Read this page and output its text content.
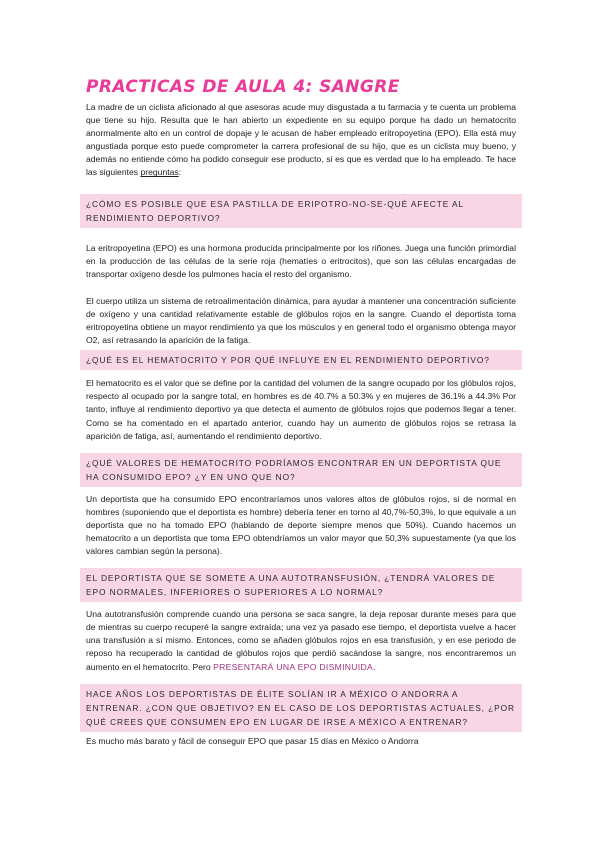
PRACTICAS DE AULA 4: SANGRE

La madre de un ciclista aficionado al que asesoras acude muy disgustada a tu farmacia y te cuenta un problema que tiene su hijo. Resulta que le han abierto un expediente en su equipo porque ha dado un hematocrito anormalmente alto en un control de dopaje y le acusan de haber empleado eritropoyetina (EPO). Ella está muy angustiada porque esto puede comprometer la carrera profesional de su hijo, que es un ciclista muy bueno, y además no entiende cómo ha podido conseguir ese producto, si es que es verdad que lo ha empleado. Te hace las siguientes preguntas:

¿CÓMO ES POSIBLE QUE ESA PASTILLA DE ERIPOTRO-NO-SE-QUÉ AFECTE AL RENDIMIENTO DEPORTIVO?

La eritropoyetina (EPO) es una hormona producida principalmente por los riñones. Juega una función primordial en la producción de las células de la serie roja (hematíes o eritrocitos), que son las células encargadas de transportar oxígeno desde los pulmones hacia el resto del organismo.

El cuerpo utiliza un sistema de retroalimentación dinámica, para ayudar a mantener una concentración suficiente de oxígeno y una cantidad relativamente estable de glóbulos rojos en la sangre. Cuando el deportista toma eritropoyetina obtiene un mayor rendimiento ya que los músculos y en general todo el organismo obtenga mayor O2, así retrasando la aparición de la fatiga.

¿QUÉ ES EL HEMATOCRITO Y POR QUÉ INFLUYE EN EL RENDIMIENTO DEPORTIVO?

El hematocrito es el valor que se define por la cantidad del volumen de la sangre ocupado por los glóbulos rojos, respecto al ocupado por la sangre total, en hombres es de 40.7% a 50.3% y en mujeres de 36.1% a 44.3% Por tanto, influye al rendimiento deportivo ya que detecta el aumento de glóbulos rojos que podemos llegar a tener. Como se ha comentado en el apartado anterior, cuando hay un aumento de glóbulos rojos se retrasa la aparición de fatiga, así, aumentando el rendimiento deportivo.

¿QUÉ VALORES DE HEMATOCRITO PODRÍAMOS ENCONTRAR EN UN DEPORTISTA QUE HA CONSUMIDO EPO? ¿Y EN UNO QUE NO?

Un deportista que ha consumido EPO encontraríamos unos valores altos de glóbulos rojos, si de normal en hombres (suponiendo que el deportista es hombre) debería tener en torno al 40,7%-50,3%, lo que equivale a un deportista que no ha tomado EPO (hablando de deporte siempre menos que 50%). Cuando hacemos un hematocrito a un deportista que toma EPO obtendríamos un valor mayor que 50,3% supuestamente (ya que los valores cambian según la persona).

EL DEPORTISTA QUE SE SOMETE A UNA AUTOTRANSFUSIÓN, ¿TENDRÁ VALORES DE EPO NORMALES, INFERIORES O SUPERIORES A LO NORMAL?

Una autotransfusión comprende cuando una persona se saca sangre, la deja reposar durante meses para que de mientras su cuerpo recuperé la sangre extraída; una vez ya pasado ese tiempo, el deportista vuelve a hacer una transfusión a sí mismo. Entonces, como se añaden glóbulos rojos en esa transfusión, y en ese periodo de reposo ha recuperado la cantidad de glóbulos rojos que perdió sacándose la sangre, nos encontraremos un aumento en el hematocrito. Pero PRESENTARÁ UNA EPO DISMINUIDA.

HACE AÑOS LOS DEPORTISTAS DE ÉLITE SOLÍAN IR A MÉXICO O ANDORRA A ENTRENAR. ¿CON QUE OBJETIVO? EN EL CASO DE LOS DEPORTISTAS ACTUALES, ¿POR QUÉ CREES QUE CONSUMEN EPO EN LUGAR DE IRSE A MÉXICO A ENTRENAR?

Es mucho más barato y fácil de conseguir EPO que pasar 15 días en México o Andorra
